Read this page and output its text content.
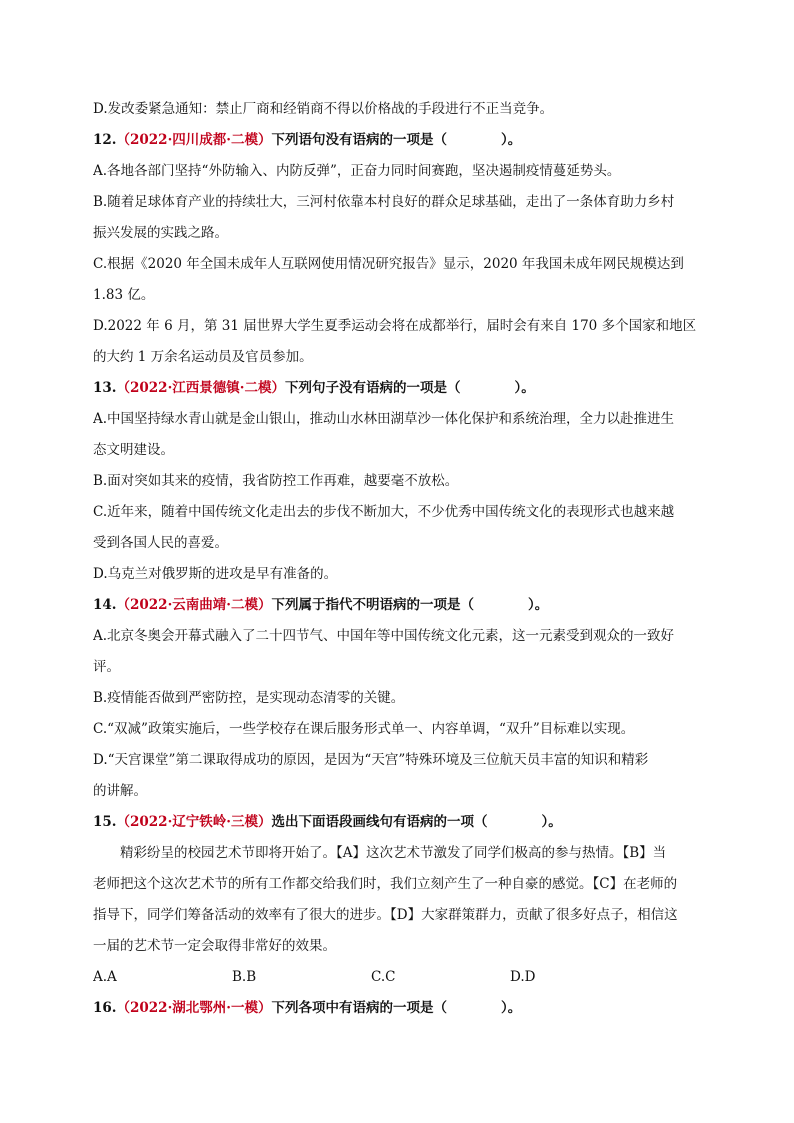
D.发改委紧急通知：禁止厂商和经销商不得以价格战的手段进行不正当竞争。
12.（2022·四川成都·二模）下列语句没有语病的一项是（　　　　）。
A.各地各部门坚持“外防输入、内防反弹”，正奋力同时间赛跑，坚决遏制疫情蔓延势头。
B.随着足球体育产业的持续壮大，三河村依靠本村良好的群众足球基础，走出了一条体育助力乡村
振兴发展的实践之路。
C.根据《2020 年全国未成年人互联网使用情况研究报告》显示，2020 年我国未成年网民规模达到
1.83 亿。
D.2022 年 6 月，第 31 届世界大学生夏季运动会将在成都举行，届时会有来自 170 多个国家和地区
的大约 1 万余名运动员及官员参加。
13.（2022·江西景德镇·二模）下列句子没有语病的一项是（　　　　）。
A.中国坚持绿水青山就是金山银山，推动山水林田湖草沙一体化保护和系统治理，全力以赴推进生
态文明建设。
B.面对突如其来的疫情，我省防控工作再难，越要毫不放松。
C.近年来，随着中国传统文化走出去的步伐不断加大，不少优秀中国传统文化的表现形式也越来越
受到各国人民的喜爱。
D.乌克兰对俄罗斯的进攻是早有准备的。
14.（2022·云南曲靖·二模）下列属于指代不明语病的一项是（　　　　）。
A.北京冬奥会开幕式融入了二十四节气、中国年等中国传统文化元素，这一元素受到观众的一致好
评。
B.疫情能否做到严密防控，是实现动态清零的关键。
C.“双减”政策实施后，一些学校存在课后服务形式单一、内容单调，“双升”目标难以实现。
D.“天宫课堂”第二课取得成功的原因，是因为“天宫”特殊环境及三位航天员丰富的知识和精彩
的讲解。
15.（2022·辽宁铁岭·三模）选出下面语段画线句有语病的一项（　　　　）。
精彩纷呈的校园艺术节即将开始了。【A】这次艺术节激发了同学们极高的参与热情。【B】当
老师把这个这次艺术节的所有工作都交给我们时，我们立刻产生了一种自豪的感觉。【C】在老师的
指导下，同学们筹备活动的效率有了很大的进步。【D】大家群策群力，贡献了很多好点子，相信这
一届的艺术节一定会取得非常好的效果。
A.A	B.B	C.C	D.D
16.（2022·湖北鄂州·一模）下列各项中有语病的一项是（　　　　）。
